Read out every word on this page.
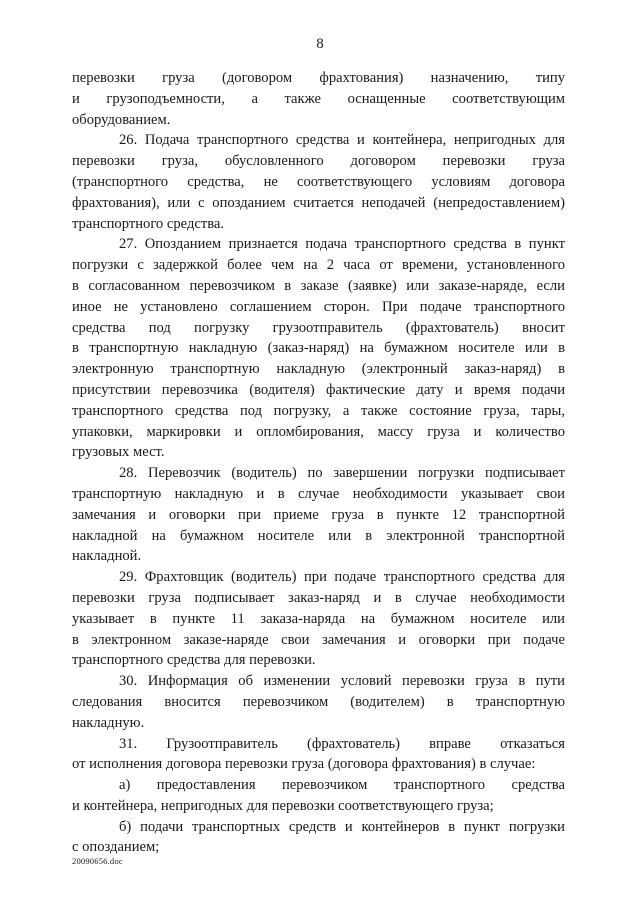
8
перевозки груза (договором фрахтования) назначению, типу
и грузоподъемности, а также оснащенные соответствующим
оборудованием.
26. Подача транспортного средства и контейнера, непригодных для
перевозки груза, обусловленного договором перевозки груза
(транспортного средства, не соответствующего условиям договора
фрахтования), или с опозданием считается неподачей (непредоставлением)
транспортного средства.
27. Опозданием признается подача транспортного средства в пункт
погрузки с задержкой более чем на 2 часа от времени, установленного
в согласованном перевозчиком в заказе (заявке) или заказе-наряде, если
иное не установлено соглашением сторон. При подаче транспортного
средства под погрузку грузоотправитель (фрахтователь) вносит
в транспортную накладную (заказ-наряд) на бумажном носителе или в
электронную транспортную накладную (электронный заказ-наряд) в
присутствии перевозчика (водителя) фактические дату и время подачи
транспортного средства под погрузку, а также состояние груза, тары,
упаковки, маркировки и опломбирования, массу груза и количество
грузовых мест.
28. Перевозчик (водитель) по завершении погрузки подписывает
транспортную накладную и в случае необходимости указывает свои
замечания и оговорки при приеме груза в пункте 12 транспортной
накладной на бумажном носителе или в электронной транспортной
накладной.
29. Фрахтовщик (водитель) при подаче транспортного средства для
перевозки груза подписывает заказ-наряд и в случае необходимости
указывает в пункте 11 заказа-наряда на бумажном носителе или
в электронном заказе-наряде свои замечания и оговорки при подаче
транспортного средства для перевозки.
30. Информация об изменении условий перевозки груза в пути
следования вносится перевозчиком (водителем) в транспортную
накладную.
31. Грузоотправитель (фрахтователь) вправе отказаться
от исполнения договора перевозки груза (договора фрахтования) в случае:
а) предоставления перевозчиком транспортного средства
и контейнера, непригодных для перевозки соответствующего груза;
б) подачи транспортных средств и контейнеров в пункт погрузки
с опозданием;
20090656.doc
